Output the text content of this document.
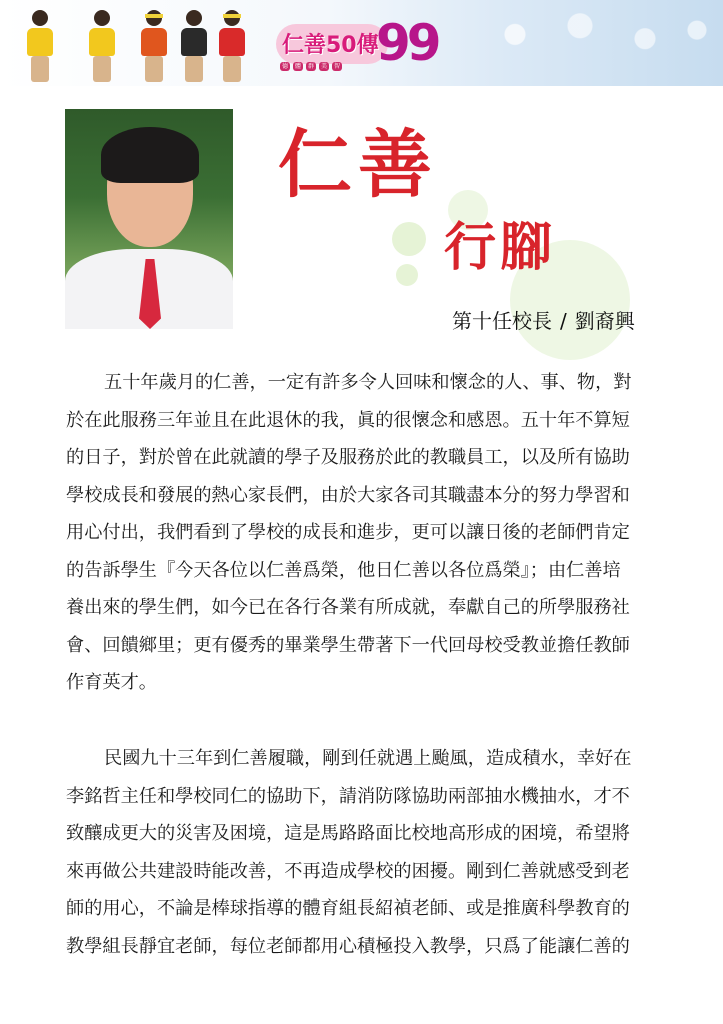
仁善50傳
99
德	體	群	美	智
仁善
行腳
第十任校長 / 劉裔興
五十年歲月的仁善，一定有許多令人回味和懷念的人、事、物，對
於在此服務三年並且在此退休的我，眞的很懷念和感恩。五十年不算短
的日子，對於曾在此就讀的學子及服務於此的教職員工，以及所有協助
學校成長和發展的熱心家長們，由於大家各司其職盡本分的努力學習和
用心付出，我們看到了學校的成長和進步，更可以讓日後的老師們肯定
的告訴學生『今天各位以仁善爲榮，他日仁善以各位爲榮』；由仁善培
養出來的學生們，如今已在各行各業有所成就，奉獻自己的所學服務社
會、回饋鄉里；更有優秀的畢業學生帶著下一代回母校受教並擔任教師
作育英才。
民國九十三年到仁善履職，剛到任就遇上颱風，造成積水，幸好在
李銘哲主任和學校同仁的協助下，請消防隊協助兩部抽水機抽水，才不
致釀成更大的災害及困境，這是馬路路面比校地高形成的困境，希望將
來再做公共建設時能改善，不再造成學校的困擾。剛到仁善就感受到老
師的用心，不論是棒球指導的體育組長紹禎老師、或是推廣科學教育的
教學組長靜宜老師，每位老師都用心積極投入教學，只爲了能讓仁善的
